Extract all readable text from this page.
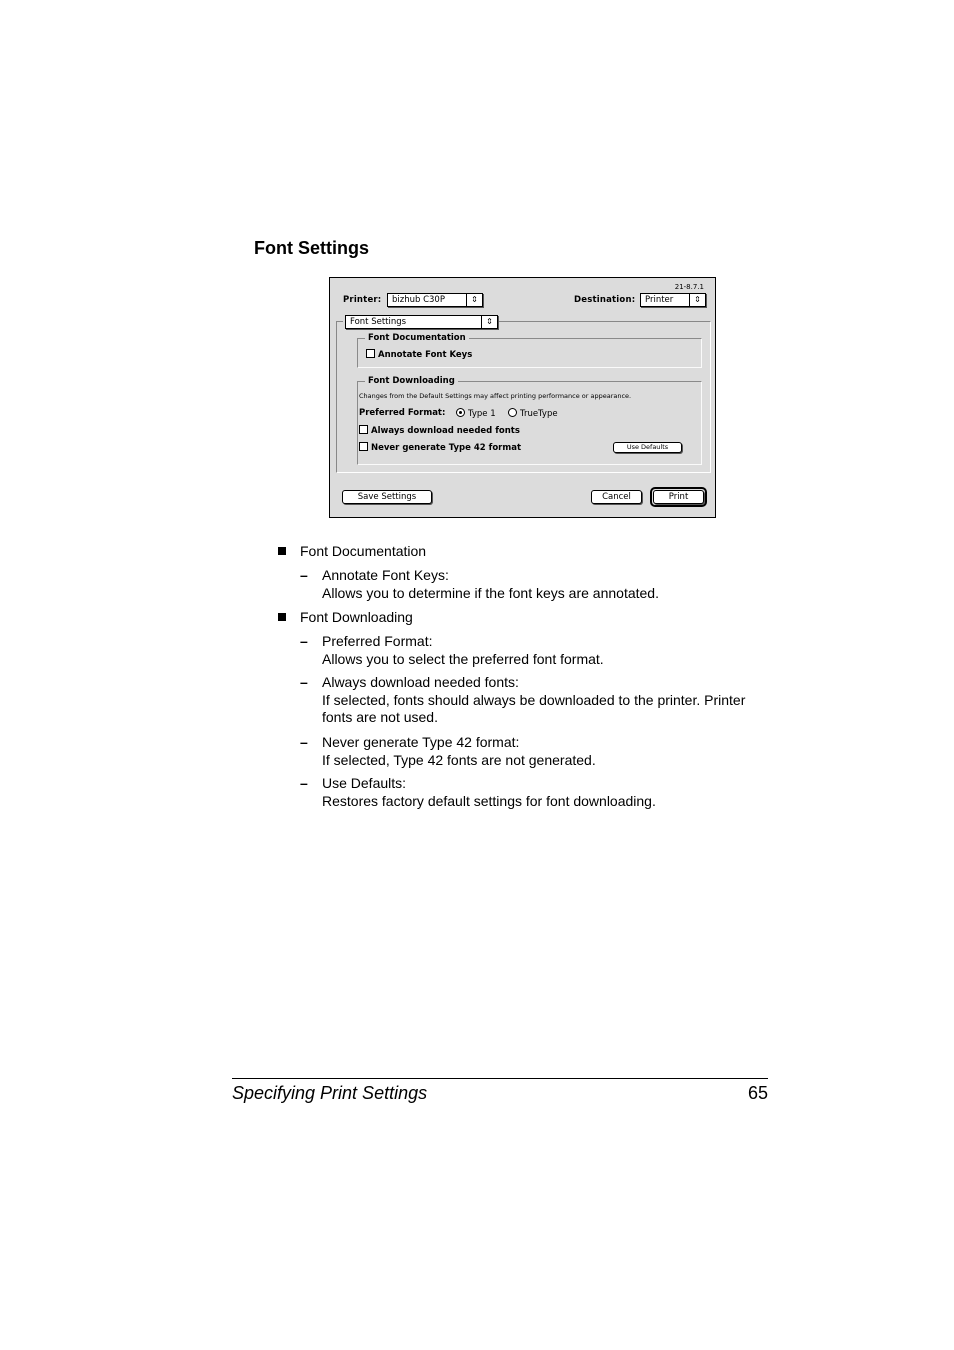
Font Settings
21-8.7.1
Printer:	bizhub C30P	⇕	Destination:	Printer	⇕
Font Documentation
Annotate Font Keys
Font Downloading
Font Settings	⇕
Changes from the Default Settings may affect printing performance or appearance.
Preferred Format:	Type 1	TrueType
Always download needed fonts
Never generate Type 42 format	Use Defaults
Save Settings	Cancel	Print
Font Documentation
– Annotate Font Keys:
Allows you to determine if the font keys are annotated.
Font Downloading
– Preferred Format:
Allows you to select the preferred font format.
– Always download needed fonts:
If selected, fonts should always be downloaded to the printer. Printer
fonts are not used.
– Never generate Type 42 format:
If selected, Type 42 fonts are not generated.
– Use Defaults:
Restores factory default settings for font downloading.
Specifying Print Settings	65
